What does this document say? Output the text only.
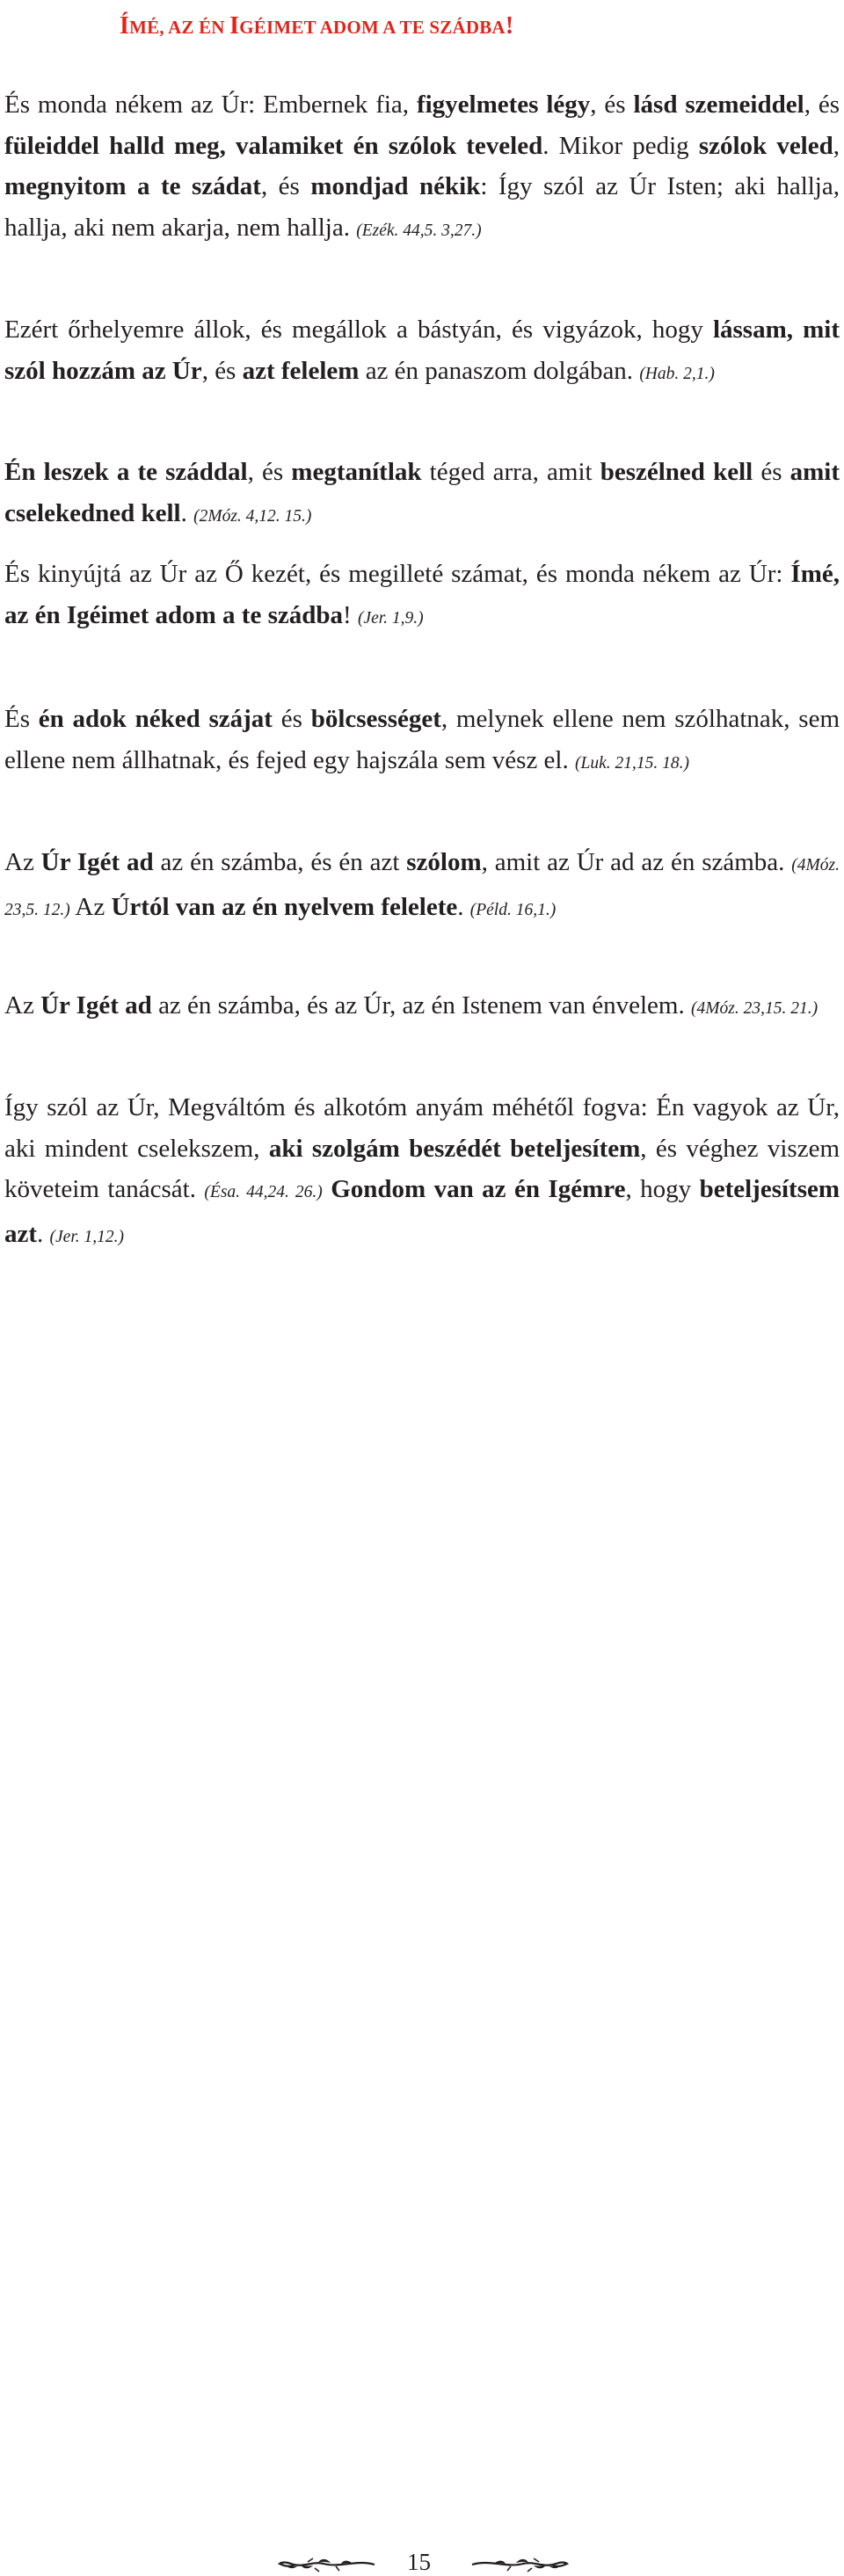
ÍMÉ, AZ ÉN IGÉIMET ADOM A TE SZÁDBA!

És monda nékem az Úr: Embernek fia, figyelmetes légy, és lásd szemeiddel, és füleiddel halld meg, valamiket én szólok teveled. Mikor pedig szólok veled, megnyitom a te szádat, és mondjad nékik: Így szól az Úr Isten; aki hallja, hallja, aki nem akarja, nem hallja. (Ezék. 44,5. 3,27.)

Ezért őrhelyemre állok, és megállok a bástyán, és vigyázok, hogy lássam, mit szól hozzám az Úr, és azt felelem az én panaszom dolgában. (Hab. 2,1.)

Én leszek a te száddal, és megtanítlak téged arra, amit beszélned kell és amit cselekedned kell. (2Móz. 4,12. 15.)

És kinyújtá az Úr az Ő kezét, és megilleté számat, és monda nékem az Úr: Ímé, az én Igéimet adom a te szádba! (Jer. 1,9.)

És én adok néked szájat és bölcsességet, melynek ellene nem szólhatnak, sem ellene nem állhatnak, és fejed egy hajszála sem vész el. (Luk. 21,15. 18.)

Az Úr Igét ad az én számba, és én azt szólom, amit az Úr ad az én számba. (4Móz. 23,5. 12.) Az Úrtól van az én nyelvem felelete. (Péld. 16,1.)

Az Úr Igét ad az én számba, és az Úr, az én Istenem van énvelem. (4Móz. 23,15. 21.)

Így szól az Úr, Megváltóm és alkotóm anyám méhétől fogva: Én vagyok az Úr, aki mindent cselekszem, aki szolgám beszédét beteljesítem, és véghez viszem követeim tanácsát. (Ésa. 44,24. 26.) Gondom van az én Igémre, hogy beteljesítsem azt. (Jer. 1,12.)

15
